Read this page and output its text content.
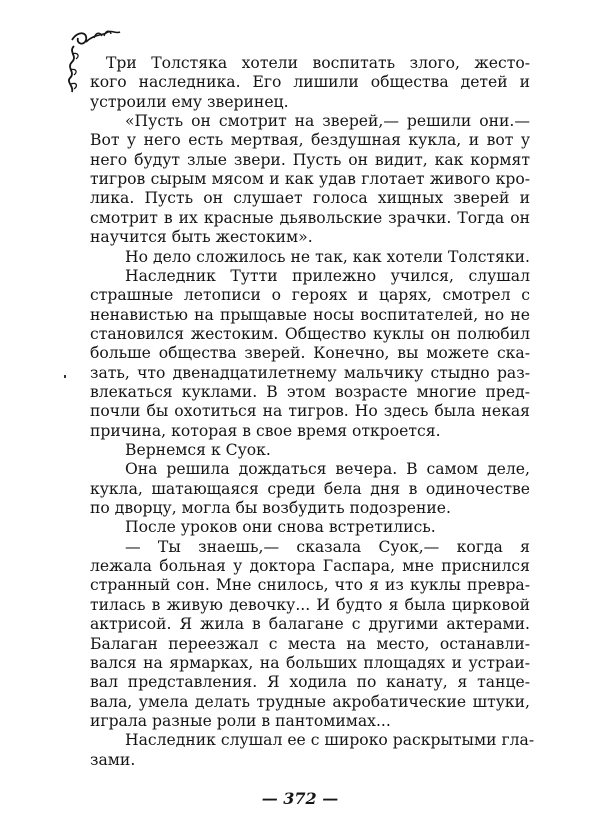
Три Толстяка хотели воспитать злого, жесто-
кого наследника. Его лишили общества детей и
устроили ему зверинец.
«Пусть он смотрит на зверей,— решили они.—
Вот у него есть мертвая, бездушная кукла, и вот у
него будут злые звери. Пусть он видит, как кормят
тигров сырым мясом и как удав глотает живого кро-
лика. Пусть он слушает голоса хищных зверей и
смотрит в их красные дьявольские зрачки. Тогда он
научится быть жестоким».
Но дело сложилось не так, как хотели Толстяки.
Наследник Тутти прилежно учился, слушал
страшные летописи о героях и царях, смотрел с
ненавистью на прыщавые носы воспитателей, но не
становился жестоким. Общество куклы он полюбил
больше общества зверей. Конечно, вы можете ска-
зать, что двенадцатилетнему мальчику стыдно раз-
влекаться куклами. В этом возрасте многие пред-
почли бы охотиться на тигров. Но здесь была некая
причина, которая в свое время откроется.
Вернемся к Суок.
Она решила дождаться вечера. В самом деле,
кукла, шатающаяся среди бела дня в одиночестве
по дворцу, могла бы возбудить подозрение.
После уроков они снова встретились.
— Ты знаешь,— сказала Суок,— когда я
лежала больная у доктора Гаспара, мне приснился
странный сон. Мне снилось, что я из куклы превра-
тилась в живую девочку... И будто я была цирковой
актрисой. Я жила в балагане с другими актерами.
Балаган переезжал с места на место, останавли-
вался на ярмарках, на больших площадях и устраи-
вал представления. Я ходила по канату, я танце-
вала, умела делать трудные акробатические штуки,
играла разные роли в пантомимах...
Наследник слушал ее с широко раскрытыми гла-
зами.
— 372 —
